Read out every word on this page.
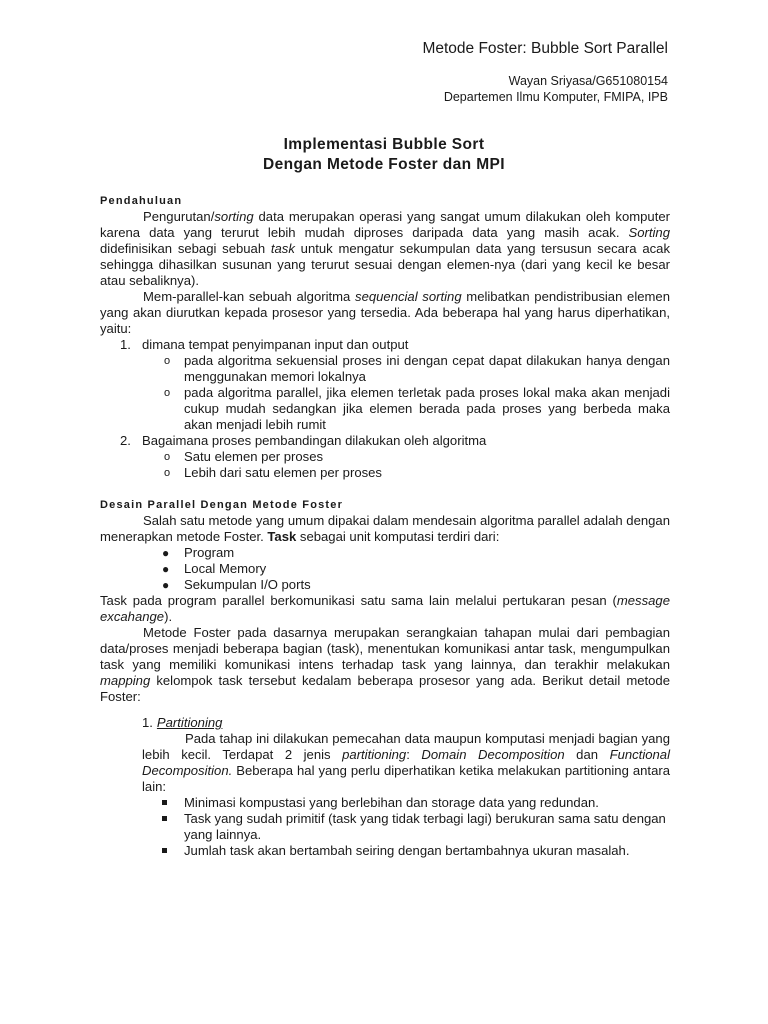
Metode Foster: Bubble Sort Parallel
Wayan Sriyasa/G651080154
Departemen Ilmu Komputer, FMIPA, IPB
Implementasi Bubble Sort
Dengan Metode Foster dan MPI
Pendahuluan

Pengurutan/sorting data merupakan operasi yang sangat umum dilakukan oleh komputer karena data yang terurut lebih mudah diproses daripada data yang masih acak. Sorting didefinisikan sebagi sebuah task untuk mengatur sekumpulan data yang tersusun secara acak sehingga dihasilkan susunan yang terurut sesuai dengan elemen-nya (dari yang kecil ke besar atau sebaliknya).

Mem-parallel-kan sebuah algoritma sequencial sorting melibatkan pendistribusian elemen yang akan diurutkan kepada prosesor yang tersedia. Ada beberapa hal yang harus diperhatikan, yaitu:

1. dimana tempat penyimpanan input dan output
o pada algoritma sekuensial proses ini dengan cepat dapat dilakukan hanya dengan menggunakan memori lokalnya
o pada algoritma parallel, jika elemen terletak pada proses lokal maka akan menjadi cukup mudah sedangkan jika elemen berada pada proses yang berbeda maka akan menjadi lebih rumit
2. Bagaimana proses pembandingan dilakukan oleh algoritma
o Satu elemen per proses
o Lebih dari satu elemen per proses
Desain Parallel Dengan Metode Foster

Salah satu metode yang umum dipakai dalam mendesain algoritma parallel adalah dengan menerapkan metode Foster. Task sebagai unit komputasi terdiri dari:

● Program
● Local Memory
● Sekumpulan I/O ports

Task pada program parallel berkomunikasi satu sama lain melalui pertukaran pesan (message excahange).

Metode Foster pada dasarnya merupakan serangkaian tahapan mulai dari pembagian data/proses menjadi beberapa bagian (task), menentukan komunikasi antar task, mengumpulkan task yang memiliki komunikasi intens terhadap task yang lainnya, dan terakhir melakukan mapping kelompok task tersebut kedalam beberapa prosesor yang ada. Berikut detail metode Foster:

1. Partitioning

Pada tahap ini dilakukan pemecahan data maupun komputasi menjadi bagian yang lebih kecil. Terdapat 2 jenis partitioning: Domain Decomposition dan Functional Decomposition. Beberapa hal yang perlu diperhatikan ketika melakukan partitioning antara lain:

Minimasi kompustasi yang berlebihan dan storage data yang redundan.
Task yang sudah primitif (task yang tidak terbagi lagi) berukuran sama satu dengan yang lainnya.
Jumlah task akan bertambah seiring dengan bertambahnya ukuran masalah.
